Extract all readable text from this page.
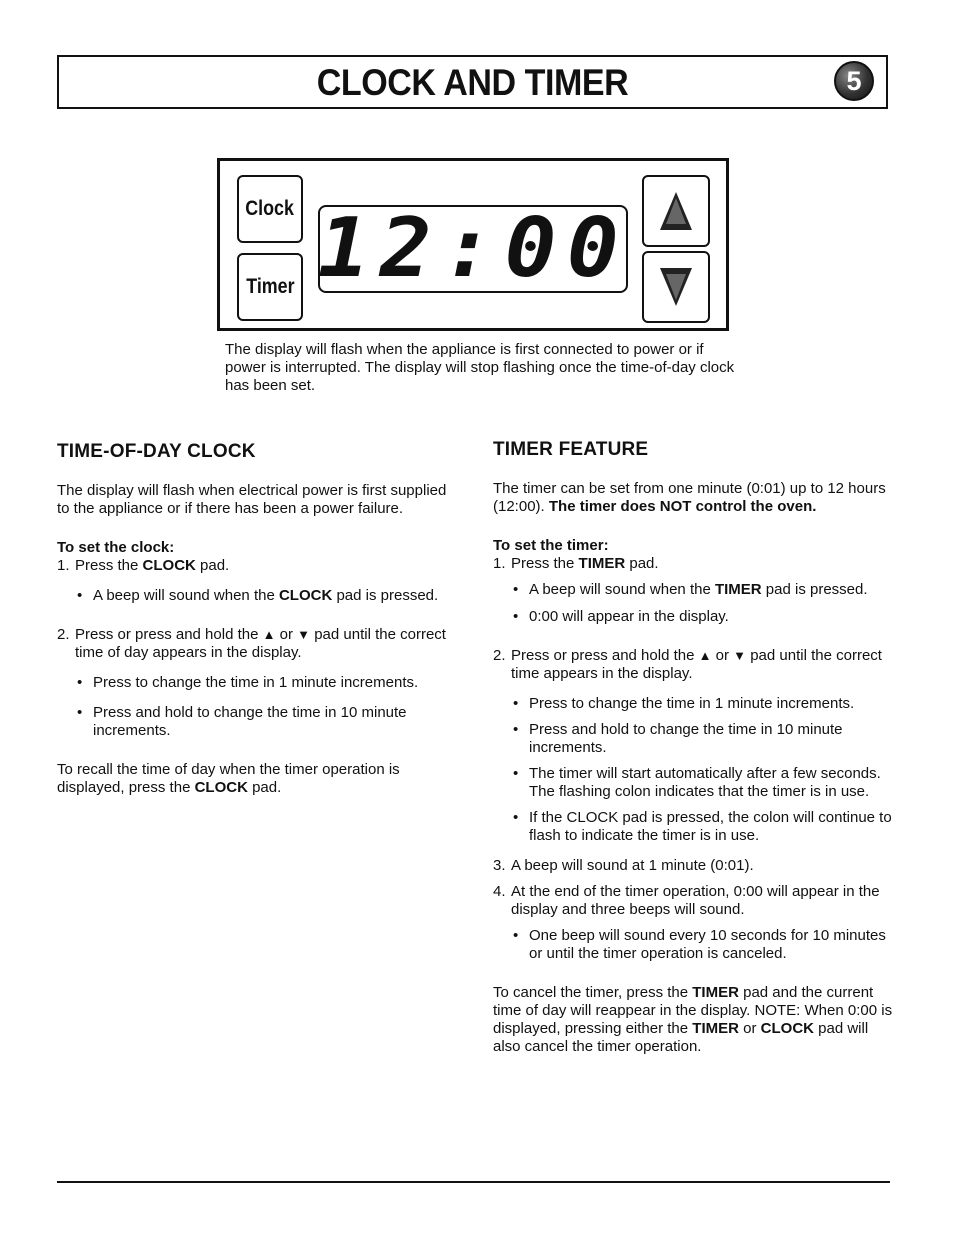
CLOCK AND TIMER	5
Clock
Timer 12:00

The display will flash when the appliance is first connected to power or if power is interrupted. The display will stop flashing once the time-of-day clock has been set.

TIME-OF-DAY CLOCK

The display will flash when electrical power is first supplied to the appliance or if there has been a power failure.

To set the clock:

1. Press the CLOCK pad.
• A beep will sound when the CLOCK pad is pressed.
2. Press or press and hold the ▲ or ▼ pad until the correct time of day appears in the display.
• Press to change the time in 1 minute increments.
• Press and hold to change the time in 10 minute increments.

To recall the time of day when the timer operation is displayed, press the CLOCK pad.

TIMER FEATURE

The timer can be set from one minute (0:01) up to 12 hours (12:00). The timer does NOT control the oven.

To set the timer:

1. Press the TIMER pad.
• A beep will sound when the TIMER pad is pressed.
• 0:00 will appear in the display.
2. Press or press and hold the ▲ or ▼ pad until the correct time appears in the display.
• Press to change the time in 1 minute increments.
• Press and hold to change the time in 10 minute increments.
• The timer will start automatically after a few seconds. The flashing colon indicates that the timer is in use.
• If the CLOCK pad is pressed, the colon will continue to flash to indicate the timer is in use.
3. A beep will sound at 1 minute (0:01).
4. At the end of the timer operation, 0:00 will appear in the display and three beeps will sound.
• One beep will sound every 10 seconds for 10 minutes or until the timer operation is canceled.

To cancel the timer, press the TIMER pad and the current time of day will reappear in the display. NOTE: When 0:00 is displayed, pressing either the TIMER or CLOCK pad will also cancel the timer operation.
